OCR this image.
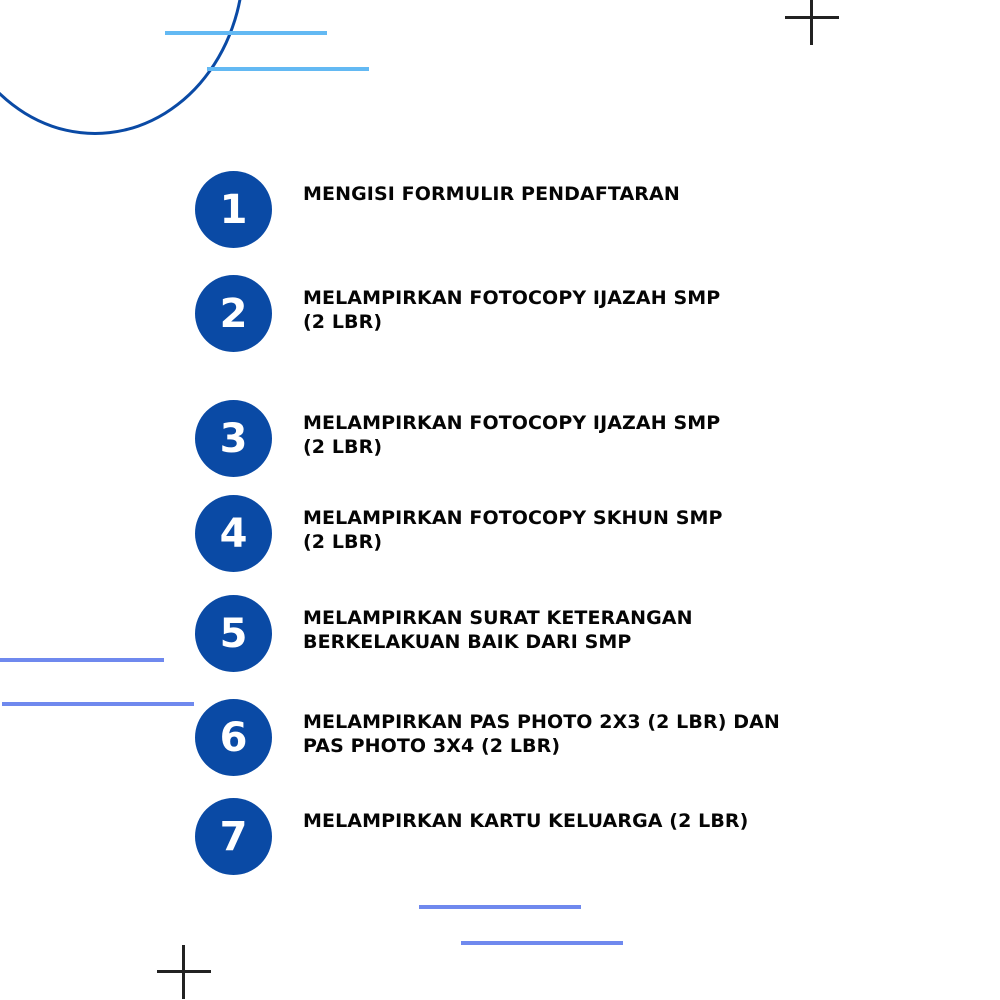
1	MENGISI FORMULIR PENDAFTARAN
2	MELAMPIRKAN FOTOCOPY IJAZAH SMP
(2 LBR)
3	MELAMPIRKAN FOTOCOPY IJAZAH SMP
(2 LBR)
4	MELAMPIRKAN FOTOCOPY SKHUN SMP
(2 LBR)
5	MELAMPIRKAN SURAT KETERANGAN
BERKELAKUAN BAIK DARI SMP
6	MELAMPIRKAN PAS PHOTO 2X3 (2 LBR) DAN
PAS PHOTO 3X4 (2 LBR)
7	MELAMPIRKAN KARTU KELUARGA (2 LBR)
